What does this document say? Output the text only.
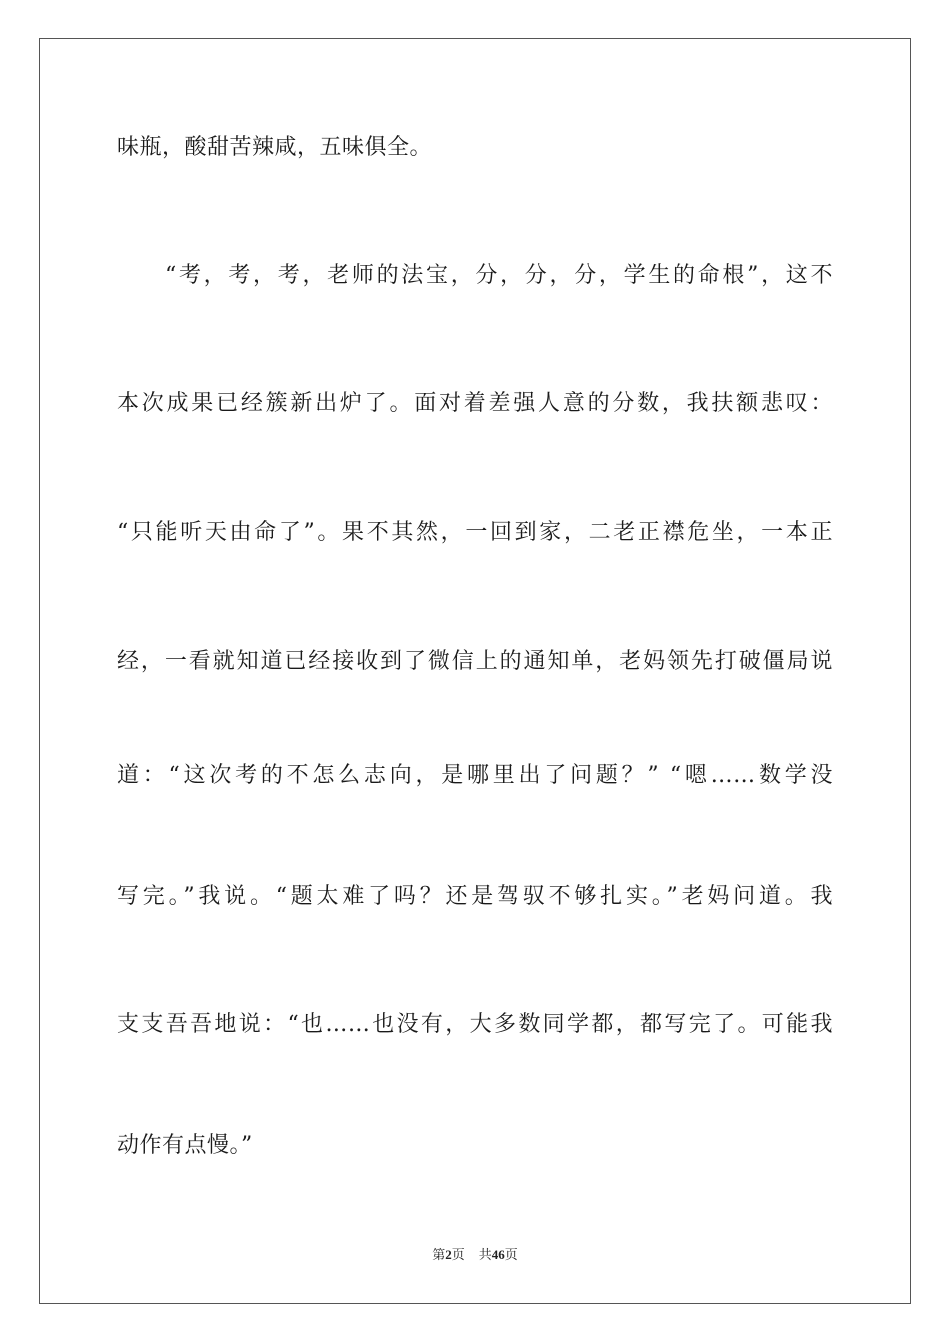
味瓶，酸甜苦辣咸，五味俱全。
“考，考，考，老师的法宝，分，分，分，学生的命根”，这不
本次成果已经簇新出炉了。面对着差强人意的分数，我扶额悲叹：
“只能听天由命了”。果不其然，一回到家，二老正襟危坐，一本正
经，一看就知道已经接收到了微信上的通知单，老妈领先打破僵局说
道：“这次考的不怎么志向，是哪里出了问题？” “嗯……数学没
写完。”我说。“题太难了吗？还是驾驭不够扎实。”老妈问道。我
支支吾吾地说：“也……也没有，大多数同学都，都写完了。可能我
动作有点慢。”
第2页 共46页
